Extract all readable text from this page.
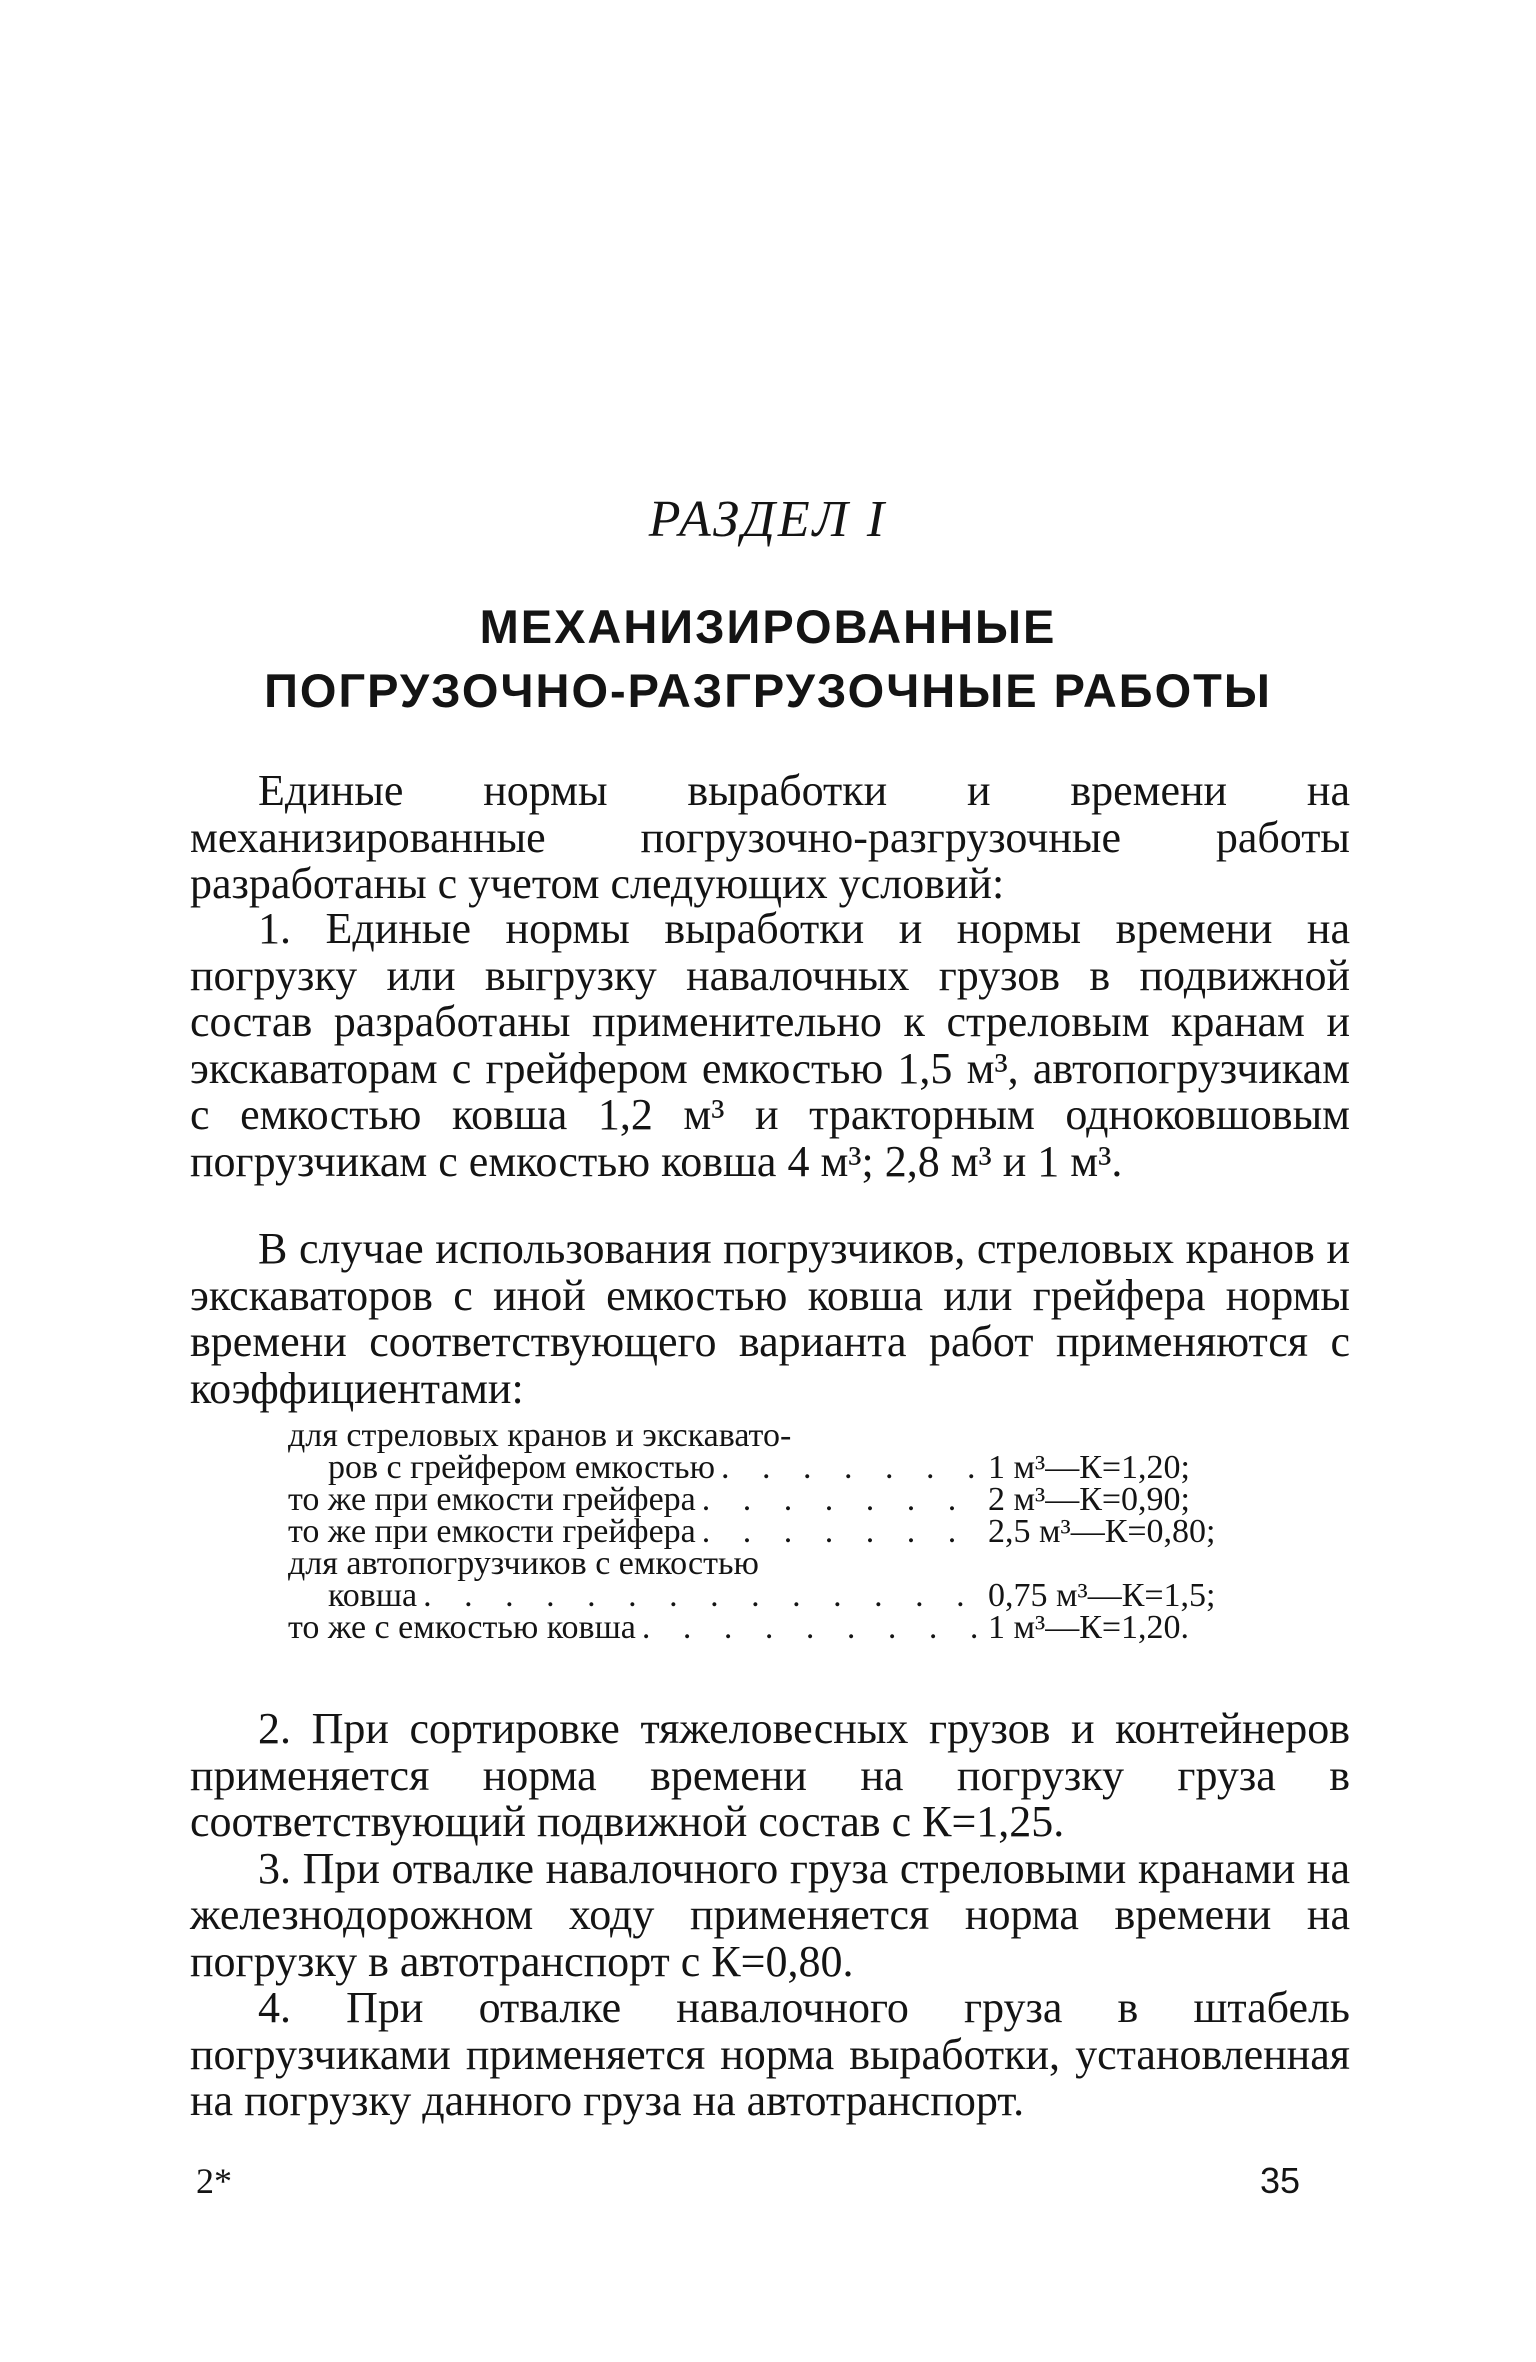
РАЗДЕЛ I
МЕХАНИЗИРОВАННЫЕ
ПОГРУЗОЧНО-РАЗГРУЗОЧНЫЕ РАБОТЫ

Единые нормы выработки и времени на механизированные погрузочно-разгрузочные работы разработаны с учетом следующих условий:

1. Единые нормы выработки и нормы времени на погрузку или выгрузку навалочных грузов в подвижной состав разработаны применительно к стреловым кранам и экскаваторам с грейфером емкостью 1,5 м³, автопогрузчикам с емкостью ковша 1,2 м³ и тракторным одноковшовым погрузчикам с емкостью ковша 4 м³; 2,8 м³ и 1 м³.

В случае использования погрузчиков, стреловых кранов и экскаваторов с иной емкостью ковша или грейфера нормы времени соответствующего варианта работ применяются с коэффициентами:

для стреловых кранов и экскавато-
ров с грейфером емкостью . . .	1 м³—К=1,20;
то же при емкости грейфера . . .	2 м³—К=0,90;
то же при емкости грейфера . . .	2,5 м³—К=0,80;
для автопогрузчиков с емкостью
ковша . . .	0,75 м³—К=1,5;
то же с емкостью ковша . . .	1 м³—К=1,20.

2. При сортировке тяжеловесных грузов и контейнеров применяется норма времени на погрузку груза в соответствующий подвижной состав с К=1,25.

3. При отвалке навалочного груза стреловыми кранами на железнодорожном ходу применяется норма времени на погрузку в автотранспорт с К=0,80.

4. При отвалке навалочного груза в штабель погрузчиками применяется норма выработки, установленная на погрузку данного груза на автотранспорт.

2*	35
